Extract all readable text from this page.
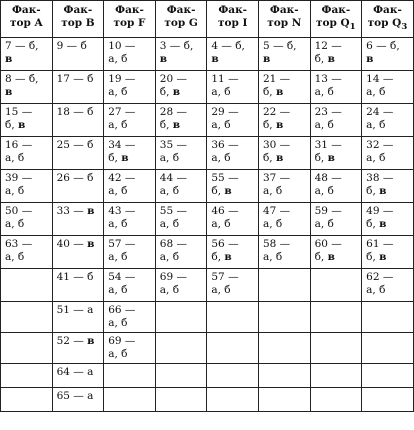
Фак-
тор A	Фак-
тор B	Фак-
тор F	Фак-
тор G	Фак-
тор I	Фак-
тор N	Фак-
тор $Q_1$	Фак-
тор $Q_3$

7 — б,
в	9 — б	10 —
а, б	3 — б,
в	4 — б,
в	5 — б,
в	12 —
б, в	6 — б,
в

8 — б,
в	17 — б	19 —
а, б	20 —
б, в	11 —
а, б	21 —
б, в	13 —
а, б	14 —
а, б

15 —
б, в	18 — б	27 —
а, б	28 —
б, в	29 —
а, б	22 —
б, в	23 —
а, б	24 —
а, б

16 —
а, б	25 — б	34 —
б, в	35 —
а, б	36 —
а, б	30 —
б, в	31 —
б, в	32 —
а, б

39 —
а, б	26 — б	42 —
а, б	44 —
а, б	55 —
б, в	37 —
а, б	48 —
а, б	38 —
б, в

50 —
а, б	33 — в	43 —
а, б	55 —
а, б	46 —
а, б	47 —
а, б	59 —
а, б	49 —
б, в

63 —
а, б	40 — в	57 —
а, б	68 —
а, б	56 —
б, в	58 —
а, б	60 —
б, в	61 —
б, в

	41 — б	54 —
а, б	69 —
а, б	57 —
а, б			62 —
а, б

	51 — а	66 —
а, б					

	52 — в	69 —
а, б					

	64 — а						

	65 — а						
